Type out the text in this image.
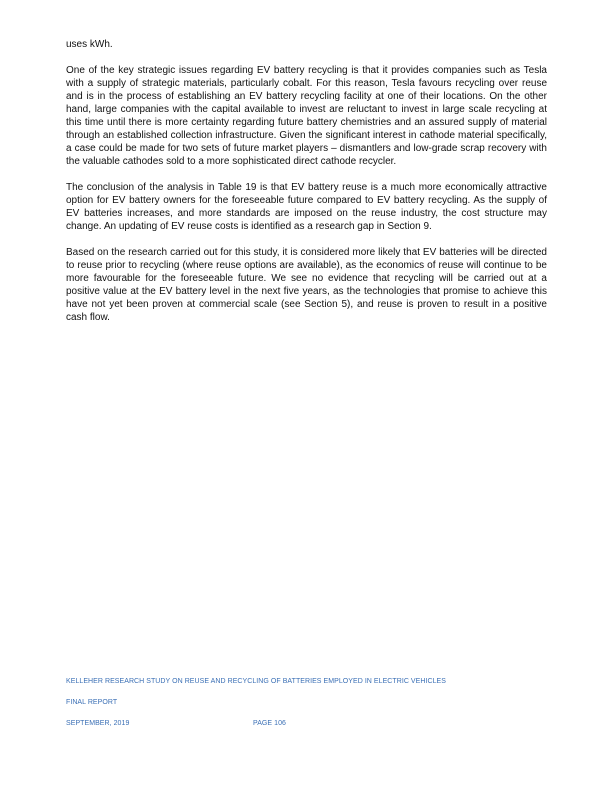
uses kWh.

One of the key strategic issues regarding EV battery recycling is that it provides companies such as Tesla with a supply of strategic materials, particularly cobalt. For this reason, Tesla favours recycling over reuse and is in the process of establishing an EV battery recycling facility at one of their locations. On the other hand, large companies with the capital available to invest are reluctant to invest in large scale recycling at this time until there is more certainty regarding future battery chemistries and an assured supply of material through an established collection infrastructure. Given the significant interest in cathode material specifically, a case could be made for two sets of future market players – dismantlers and low-grade scrap recovery with the valuable cathodes sold to a more sophisticated direct cathode recycler.

The conclusion of the analysis in Table 19 is that EV battery reuse is a much more economically attractive option for EV battery owners for the foreseeable future compared to EV battery recycling. As the supply of EV batteries increases, and more standards are imposed on the reuse industry, the cost structure may change. An updating of EV reuse costs is identified as a research gap in Section 9.

Based on the research carried out for this study, it is considered more likely that EV batteries will be directed to reuse prior to recycling (where reuse options are available), as the economics of reuse will continue to be more favourable for the foreseeable future. We see no evidence that recycling will be carried out at a positive value at the EV battery level in the next five years, as the technologies that promise to achieve this have not yet been proven at commercial scale (see Section 5), and reuse is proven to result in a positive cash flow.

KELLEHER RESEARCH STUDY ON REUSE AND RECYCLING OF BATTERIES EMPLOYED IN ELECTRIC VEHICLES
FINAL REPORT
SEPTEMBER, 2019	PAGE 106
